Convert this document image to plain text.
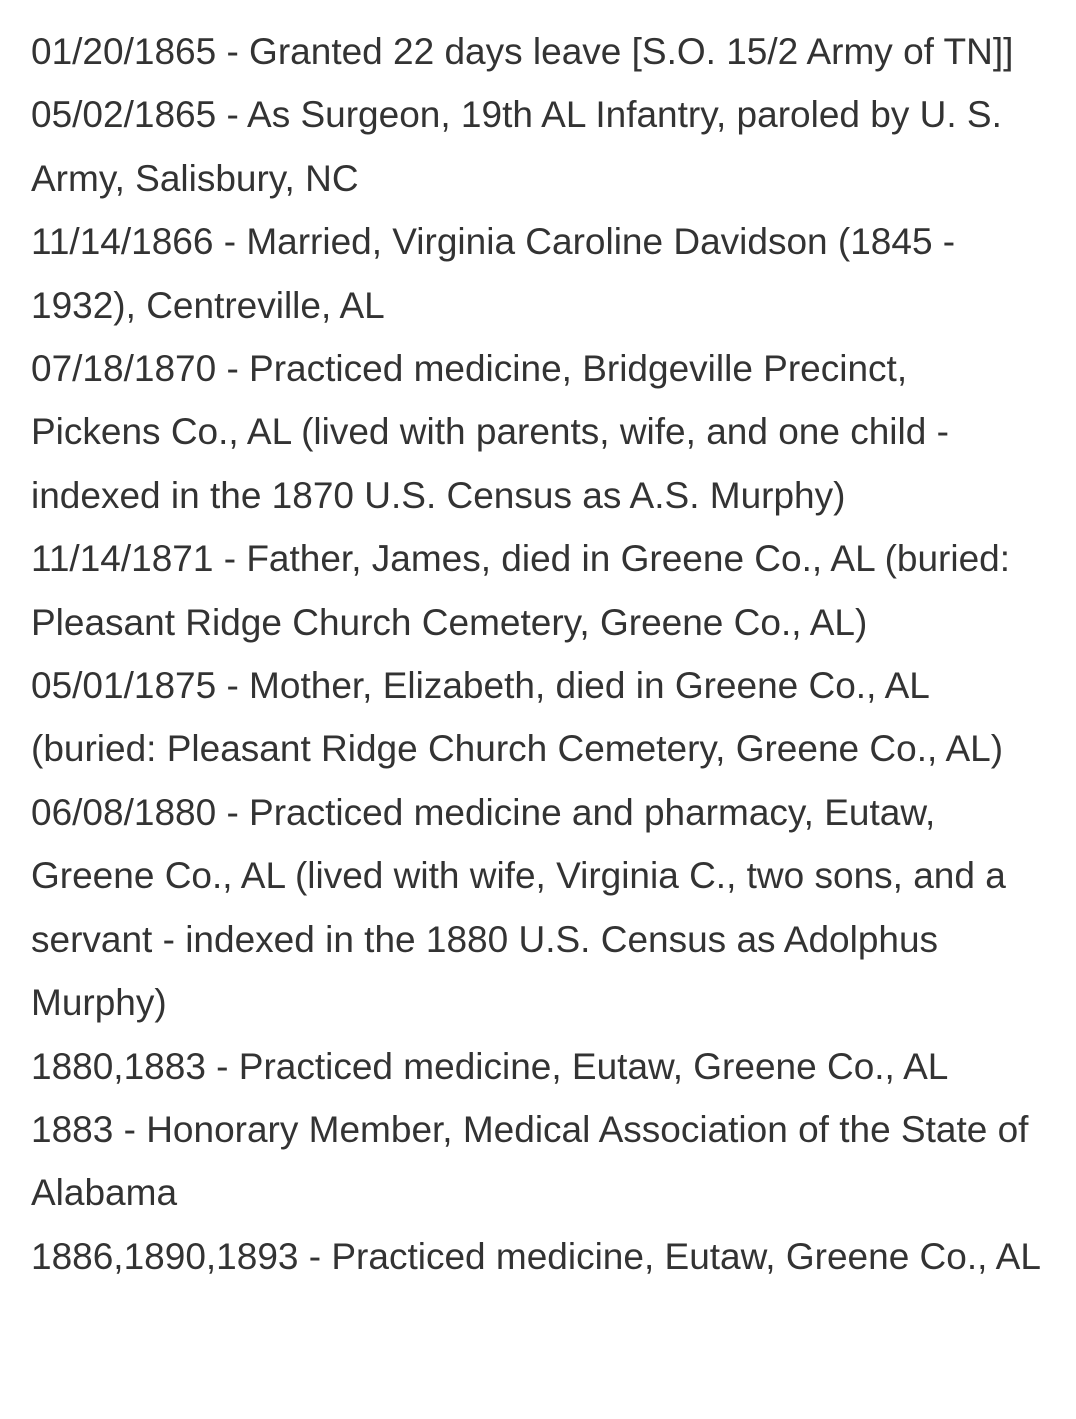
01/20/1865 - Granted 22 days leave [S.O. 15/2 Army of TN]]

05/02/1865 - As Surgeon, 19th AL Infantry, paroled by U. S. Army, Salisbury, NC

11/14/1866 - Married, Virginia Caroline Davidson (1845 - 1932), Centreville, AL

07/18/1870 - Practiced medicine, Bridgeville Precinct, Pickens Co., AL (lived with parents, wife, and one child - indexed in the 1870 U.S. Census as A.S. Murphy)

11/14/1871 - Father, James, died in Greene Co., AL (buried: Pleasant Ridge Church Cemetery, Greene Co., AL)

05/01/1875 - Mother, Elizabeth, died in Greene Co., AL (buried: Pleasant Ridge Church Cemetery, Greene Co., AL)

06/08/1880 - Practiced medicine and pharmacy, Eutaw, Greene Co., AL (lived with wife, Virginia C., two sons, and a servant - indexed in the 1880 U.S. Census as Adolphus Murphy)

1880,1883 - Practiced medicine, Eutaw, Greene Co., AL

1883 - Honorary Member, Medical Association of the State of Alabama

1886,1890,1893 - Practiced medicine, Eutaw, Greene Co., AL
